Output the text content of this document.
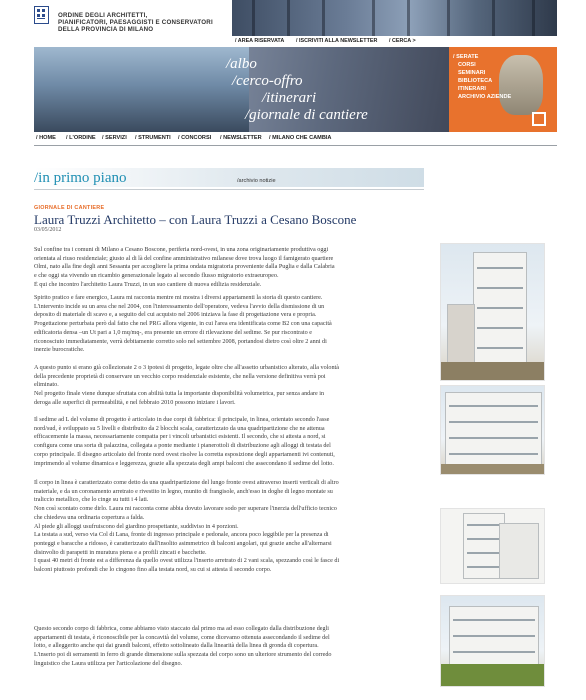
ORDINE DEGLI ARCHITETTI,
PIANIFICATORI, PAESAGGISTI E CONSERVATORI
DELLA PROVINCIA DI MILANO
/ AREA RISERVATA / ISCRIVITI ALLA NEWSLETTER / CERCA >
/albo
/cerco-offro
/itinerari
/giornale di cantiere
/ SERATE
CORSI
SEMINARI
BIBLIOTECA
ITINERARI
ARCHIVIO AZIENDE
/ HOME / L'ORDINE / SERVIZI / STRUMENTI / CONCORSI / NEWSLETTER / MILANO CHE CAMBIA
/in primo piano	/archivio notizie
GIORNALE DI CANTIERE
Laura Truzzi Architetto – con Laura Truzzi a Cesano Boscone
03/05/2012
Sul confine tra i comuni di Milano a Cesano Boscone, periferia nord-ovest, in una zona originariamente produttiva oggi
orientata al riuso residenziale; giusto al di là del confine amministrativo milanese dove trova luogo il famigerato quartiere
Olmi, nato alla fine degli anni Sessanta per accogliere la prima ondata migratoria proveniente dalla Puglia e dalla Calabria
e che oggi sta vivendo un ricambio generazionale legato al secondo flusso migratorio extraeuropeo.
È qui che incontro l'architetto Laura Truzzi, in un suo cantiere di nuova edilizia residenziale.
Spirito pratico e fare energico, Laura mi racconta mentre mi mostra i diversi appartamenti la storia di questo cantiere.
L'intervento incide su un area che nel 2004, con l'interessamento dell'operatore, vedeva l'avvio della dismissione di un
deposito di materiale di scavo e, a seguito del cui acquisto nel 2006 iniziava la fase di progettazione vera e propria.
Progettazione perturbata però dal fatto che nel PRG allora vigente, in cui l'area era identificata come B2 con una capacità
edificatoria densa –un Ut pari a 1,0 mq/mq-, era presente un errore di rilevazione del sedime. Se pur riscontrato e
riconosciuto immediatamente, verrà debitamente corretto solo nel settembre 2008, portandosi dietro così oltre 2 anni di
inerzie burocratiche.
A questo punto si erano già collezionate 2 o 3 ipotesi di progetto, legate oltre che all'assetto urbanistico alterato, alla volontà
della precedente proprietà di conservare un vecchio corpo residenziale esistente, che nella versione definitiva verrà poi
eliminato.
Nel progetto finale viene dunque sfruttata con abilità tutta la importante disponibilità volumetrica, pur senza andare in
deroga alle superfici di permeabilità, e nel febbraio 2010 possono iniziare i lavori.
Il sedime ad L del volume di progetto è articolato in due corpi di fabbrica: il principale, in linea, orientato secondo l'asse
nord/sud, è sviluppato su 5 livelli e distribuito da 2 blocchi scala, caratterizzato da una quadripartizione che ne attenua
efficacemente la massa, necessariamente compatta per i vincoli urbanistici esistenti. Il secondo, che si attesta a nord, si
configura come una sorta di palazzina, collegata a ponte mediante i pianerottoli di distribuzione agli alloggi di testata del
corpo principale. Il disegno articolato del fronte nord ovest risolve la corretta esposizione degli appartamenti ivi contenuti,
imprimendo al volume dinamica e leggerezza, grazie alla spezzata degli ampi balconi che assecondano il sedime del lotto.
Il corpo in linea è caratterizzato come detto da una quadripartizione del lungo fronte ovest attraverso inserti verticali di altro
materiale, e da un coronamento arretrato e rivestito in legno, munito di frangisole, anch'esso in doghe di legno montate su
traliccio metallico, che lo cinge su tutti i 4 lati.
Non così scontato come dirlo. Laura mi racconta come abbia dovuto lavorare sodo per superare l'inerzia dell'ufficio tecnico
che chiedeva una ordinaria copertura a falda.
Al piede gli alloggi usufruiscono del giardino prospettante, suddiviso in 4 porzioni.
La testata a sud, verso via Col di Lana, fronte di ingresso principale e pedonale, ancora poco leggibile per la presenza di
ponteggi e baracche a ridosso, è caratterizzato dall'insolito asimmetrico di balconi angolari, qui grazie anche all'alternarsi
disinvolto di parapetti in muratura piena e a profili zincati e bacchette.
I quasi 40 metri di fronte est a differenza da quello ovest utilizza l'inserto arretrato di 2 vani scala, spezzando così le fasce di
balconi piuttosto profondi che lo cingono fino alla testata nord, su cui si attesta il secondo corpo.
Questo secondo corpo di fabbrica, come abbiamo visto staccato dal primo ma ad esso collegato dalla distribuzione degli
appartamenti di testata, è riconoscibile per la concavità del volume, come dicevamo ottenuta assecondando il sedime del
lotto, e alleggerito anche qui dai grandi balconi, effetto sottolineato dalla linearità della linea di gronda di copertura.
L'inserto poi di serramenti in ferro di grande dimensione sulla spezzata del corpo sono un ulteriore strumento del corredo
linguistico che Laura utilizza per l'articolazione del disegno.
